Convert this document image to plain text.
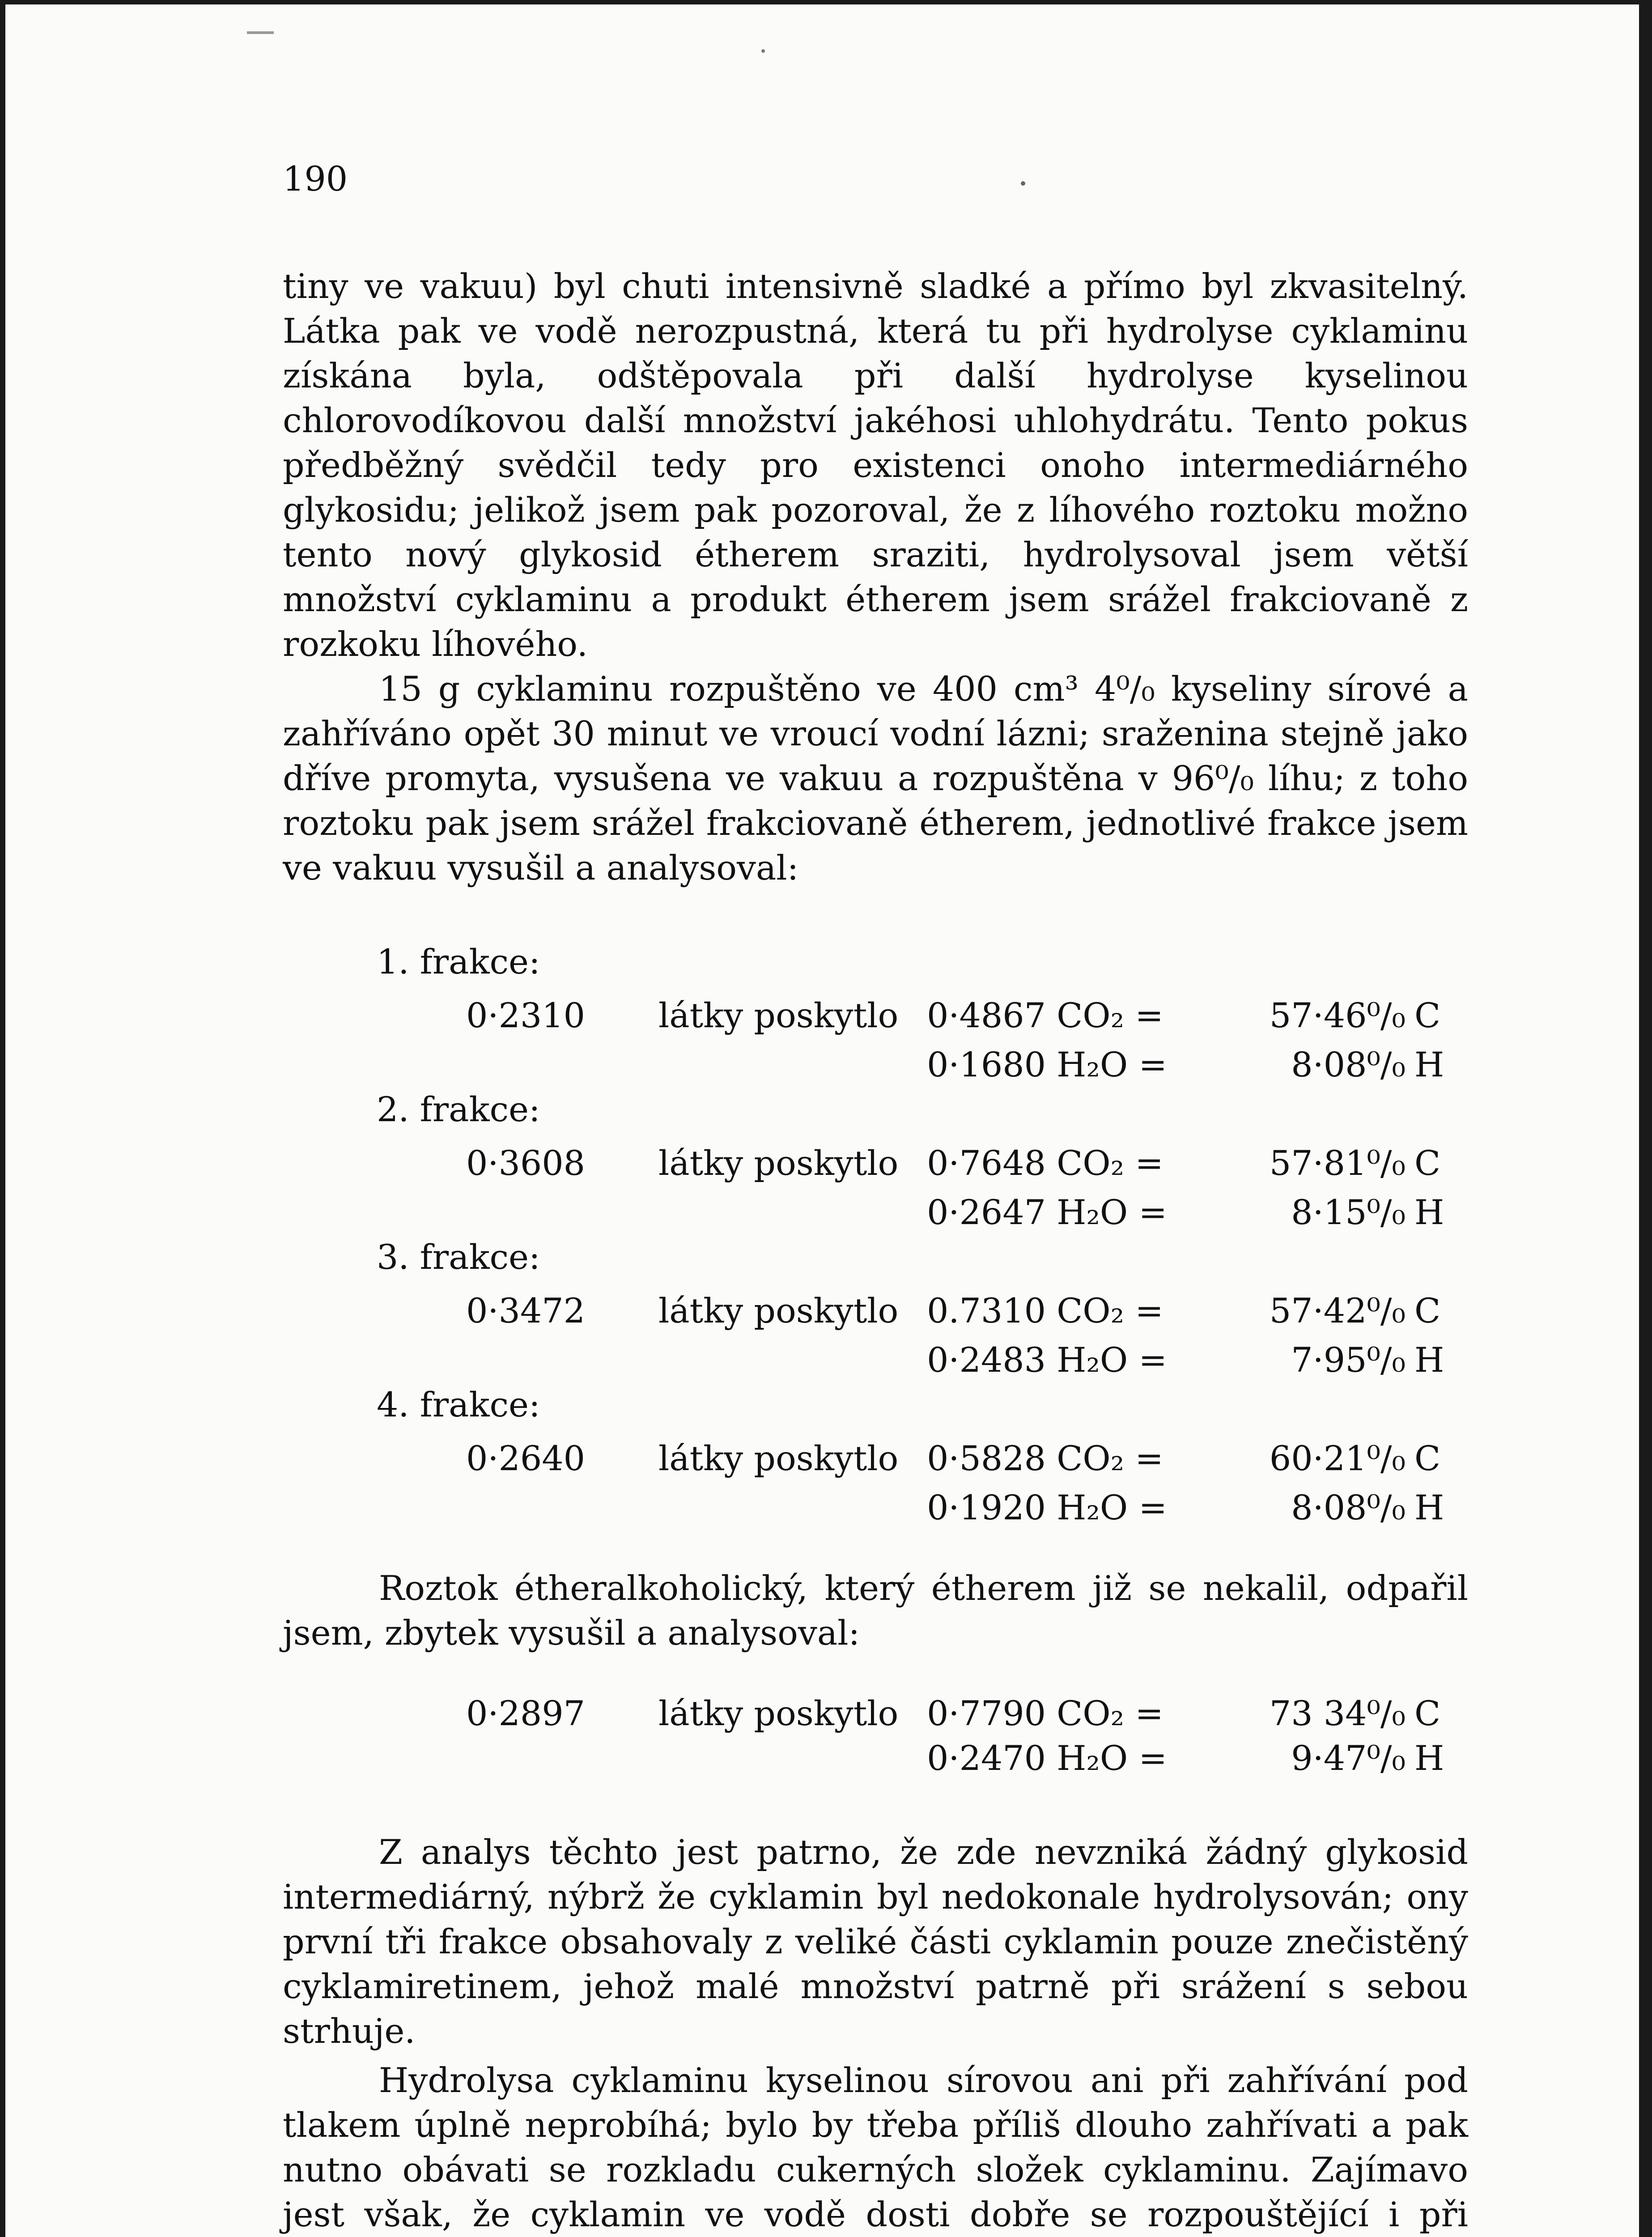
190

tiny ve vakuu) byl chuti intensivně sladké a přímo byl zkvasitelný. Látka pak ve vodě nerozpustná, která tu při hydrolyse cyklaminu získána byla, odštěpovala při další hydrolyse kyselinou chlorovodíkovou další množství jakéhosi uhlohydrátu. Tento pokus předběžný svědčil tedy pro existenci onoho intermediárného glykosidu; jelikož jsem pak pozoroval, že z líhového roztoku možno tento nový glykosid étherem sraziti, hydrolysoval jsem větší množství cyklaminu a produkt étherem jsem srážel frakciovaně z rozkoku líhového.

15 g cyklaminu rozpuštěno ve 400 cm³ 4⁰/₀ kyseliny sírové a zahříváno opět 30 minut ve vroucí vodní lázni; sraženina stejně jako dříve promyta, vysušena ve vakuu a rozpuštěna v 96⁰/₀ líhu; z toho roztoku pak jsem srážel frakciovaně étherem, jednotlivé frakce jsem ve vakuu vysušil a analysoval:

1. frakce:
0·2310	látky poskytlo 0·4867 CO₂ =	57·46⁰/₀ C
0·1680 H₂O =	8·08⁰/₀ H
2. frakce:
0·3608	látky poskytlo 0·7648 CO₂ =	57·81⁰/₀ C
0·2647 H₂O =	8·15⁰/₀ H
3. frakce:
0·3472	látky poskytlo 0.7310 CO₂ =	57·42⁰/₀ C
0·2483 H₂O =	7·95⁰/₀ H
4. frakce:
0·2640	látky poskytlo 0·5828 CO₂ =	60·21⁰/₀ C
0·1920 H₂O =	8·08⁰/₀ H

Roztok étheralkoholický, který étherem již se nekalil, odpařil jsem, zbytek vysušil a analysoval:

0·2897	látky poskytlo 0·7790 CO₂ =	73 34⁰/₀ C
0·2470 H₂O =	9·47⁰/₀ H

Z analys těchto jest patrno, že zde nevzniká žádný glykosid intermediárný, nýbrž že cyklamin byl nedokonale hydrolysován; ony první tři frakce obsahovaly z veliké části cyklamin pouze znečistěný cyklamiretinem, jehož malé množství patrně při srážení s sebou strhuje.

Hydrolysa cyklaminu kyselinou sírovou ani při zahřívání pod tlakem úplně neprobíhá; bylo by třeba příliš dlouho zahřívati a pak nutno obávati se rozkladu cukerných složek cyklaminu. Zajímavo jest však, že cyklamin ve vodě dosti dobře se rozpouštějící i při
